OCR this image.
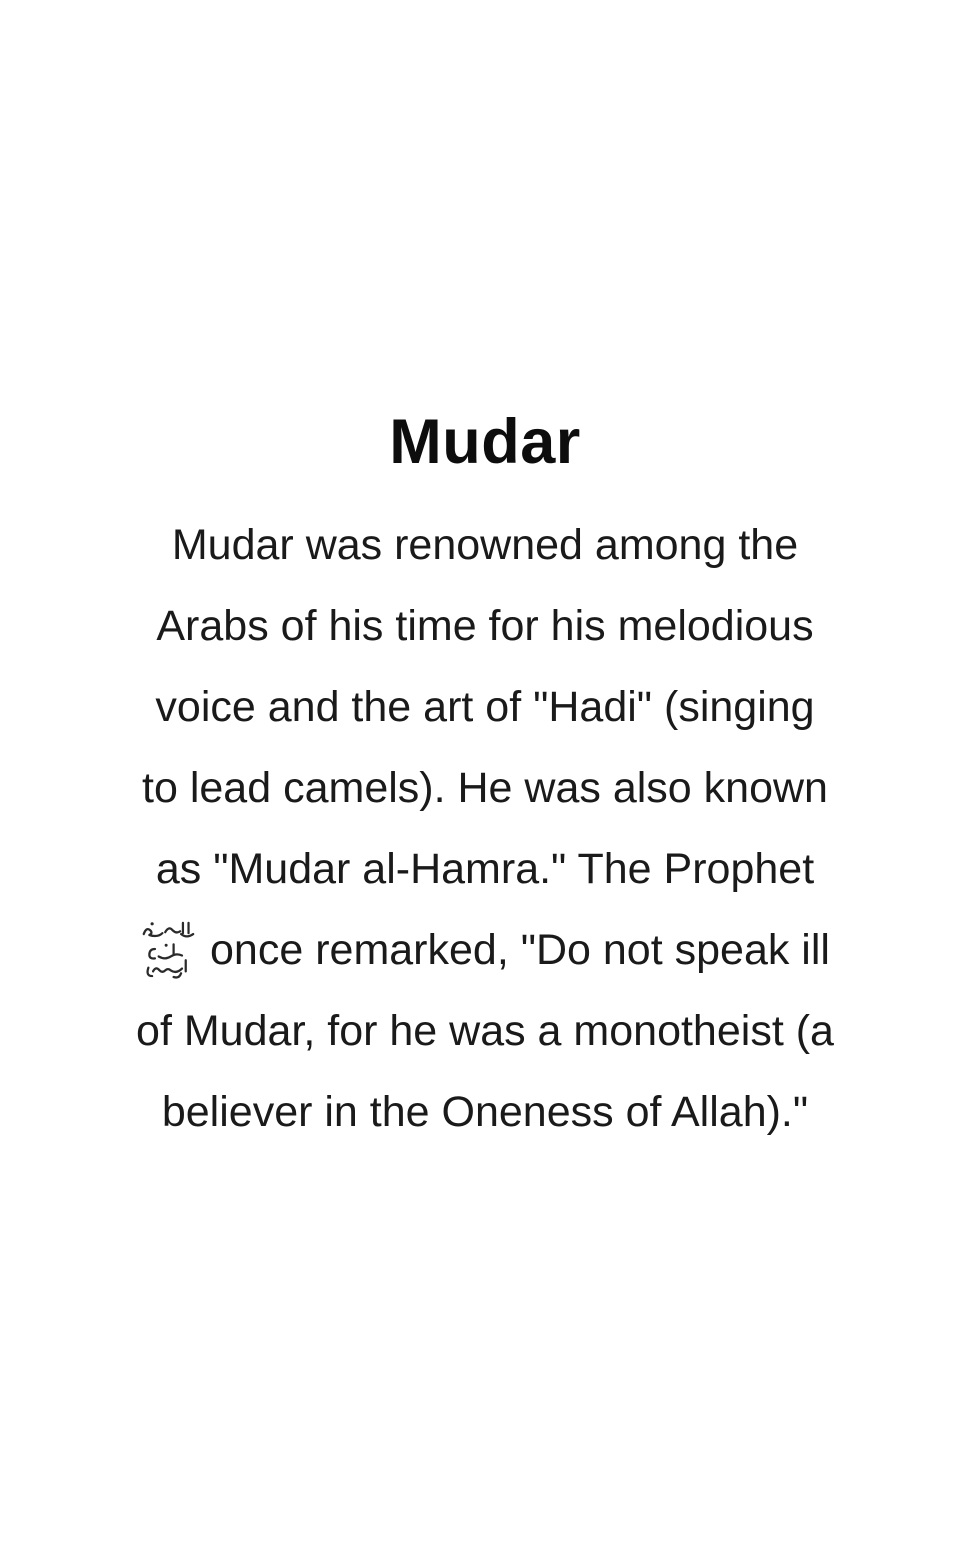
Mudar
Mudar was renowned among the
Arabs of his time for his melodious
voice and the art of "Hadi" (singing
to lead camels). He was also known
as "Mudar al-Hamra." The Prophet
once remarked, "Do not speak ill
of Mudar, for he was a monotheist (a
believer in the Oneness of Allah)."
